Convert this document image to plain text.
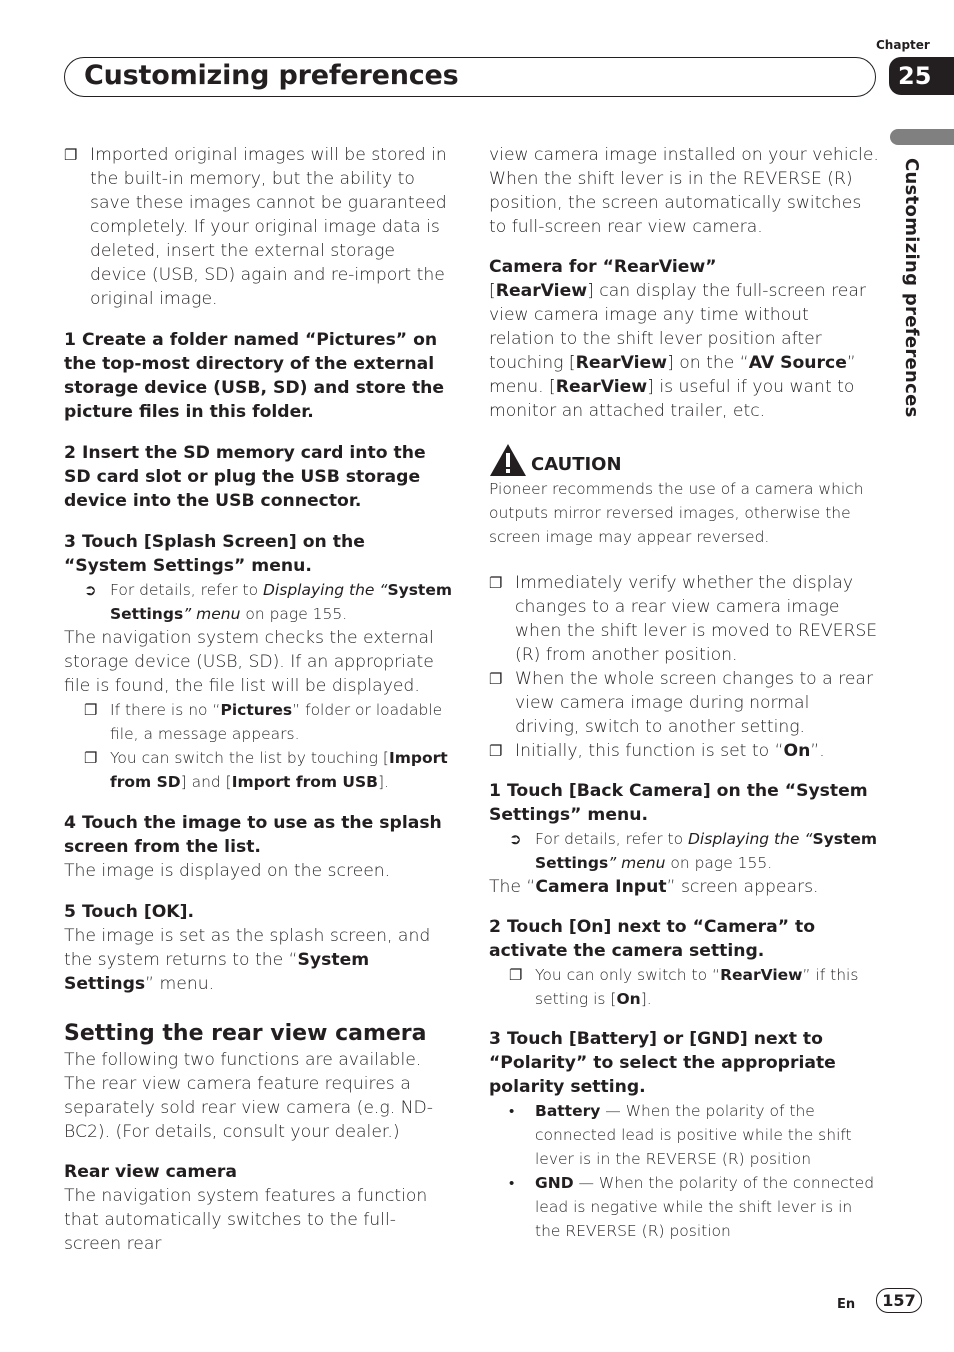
Customizing preferences
Chapter
25
Customizing preferences
❐ Imported original images will be stored in the built-in memory, but the ability to save these images cannot be guaranteed completely. If your original image data is deleted, insert the external storage device (USB, SD) again and re-import the original image.

1 Create a folder named “Pictures” on the top-most directory of the external storage device (USB, SD) and store the picture files in this folder.

2 Insert the SD memory card into the SD card slot or plug the USB storage device into the USB connector.

3 Touch [Splash Screen] on the “System Settings” menu.

➲ For details, refer to Displaying the “System Settings” menu on page 155.

The navigation system checks the external storage device (USB, SD). If an appropriate file is found, the file list will be displayed.

❐ If there is no “Pictures” folder or loadable file, a message appears.

❐ You can switch the list by touching [Import from SD] and [Import from USB].

4 Touch the image to use as the splash screen from the list.

The image is displayed on the screen.

5 Touch [OK].

The image is set as the splash screen, and the system returns to the “System Settings” menu.

Setting the rear view camera

The following two functions are available. The rear view camera feature requires a separately sold rear view camera (e.g. ND-BC2). (For details, consult your dealer.)

Rear view camera

The navigation system features a function that automatically switches to the full-screen rear

view camera image installed on your vehicle. When the shift lever is in the REVERSE (R) position, the screen automatically switches to full-screen rear view camera.

Camera for “RearView”

[RearView] can display the full-screen rear view camera image any time without relation to the shift lever position after touching [RearView] on the “AV Source” menu. [RearView] is useful if you want to monitor an attached trailer, etc.

CAUTION

Pioneer recommends the use of a camera which outputs mirror reversed images, otherwise the screen image may appear reversed.

❐ Immediately verify whether the display changes to a rear view camera image when the shift lever is moved to REVERSE (R) from another position.

❐ When the whole screen changes to a rear view camera image during normal driving, switch to another setting.

❐ Initially, this function is set to “On”.

1 Touch [Back Camera] on the “System Settings” menu.

➲ For details, refer to Displaying the “System Settings” menu on page 155.

The “Camera Input” screen appears.

2 Touch [On] next to “Camera” to activate the camera setting.

❐ You can only switch to “RearView” if this setting is [On].

3 Touch [Battery] or [GND] next to “Polarity” to select the appropriate polarity setting.

• Battery — When the polarity of the connected lead is positive while the shift lever is in the REVERSE (R) position

• GND — When the polarity of the connected lead is negative while the shift lever is in the REVERSE (R) position

En	157
